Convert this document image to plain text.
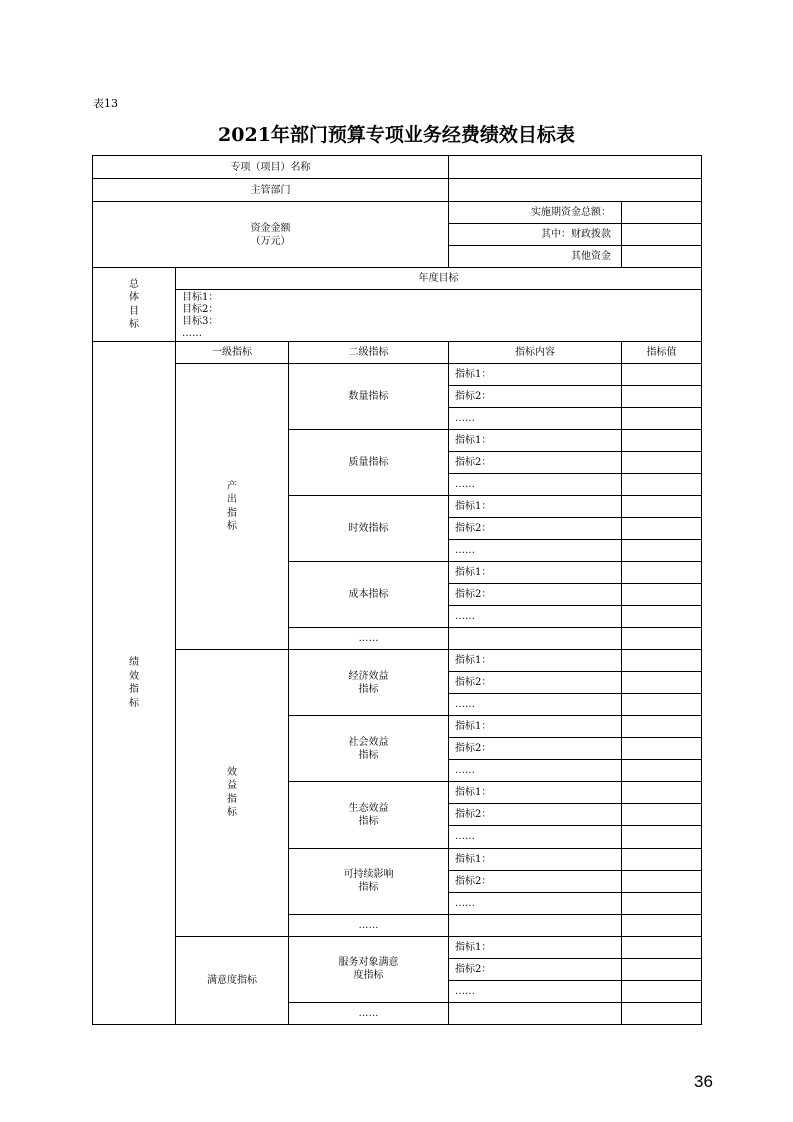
表13
2021年部门预算专项业务经费绩效目标表
专项（项目）名称				
主管部门				

资金金额
（万元）			实施期资金总额：	
			其中：财政拨款	
			其他资金	
总体目标	年度目标			

	目标1：
目标2：
目标3：
……			

绩效指标	一级指标	二级指标	指标内容	指标值
	产出指标	数量指标	指标1：	
			指标2：	
			……	
		质量指标	指标1：	
			指标2：	
			……	
		时效指标	指标1：	
			指标2：	
			……	
		成本指标	指标1：	
			指标2：	
			……	
		……		
	效益指标	经济效益指标	指标1：	
			指标2：	
			……	
		社会效益指标	指标1：	
			指标2：	
			……	
		生态效益指标	指标1：	
			指标2：	
			……	
		可持续影响指标	指标1：	
			指标2：	
			……	
		……		
	满意度指标	服务对象满意度指标	指标1：	
			指标2：	
			……	
		……		
36
